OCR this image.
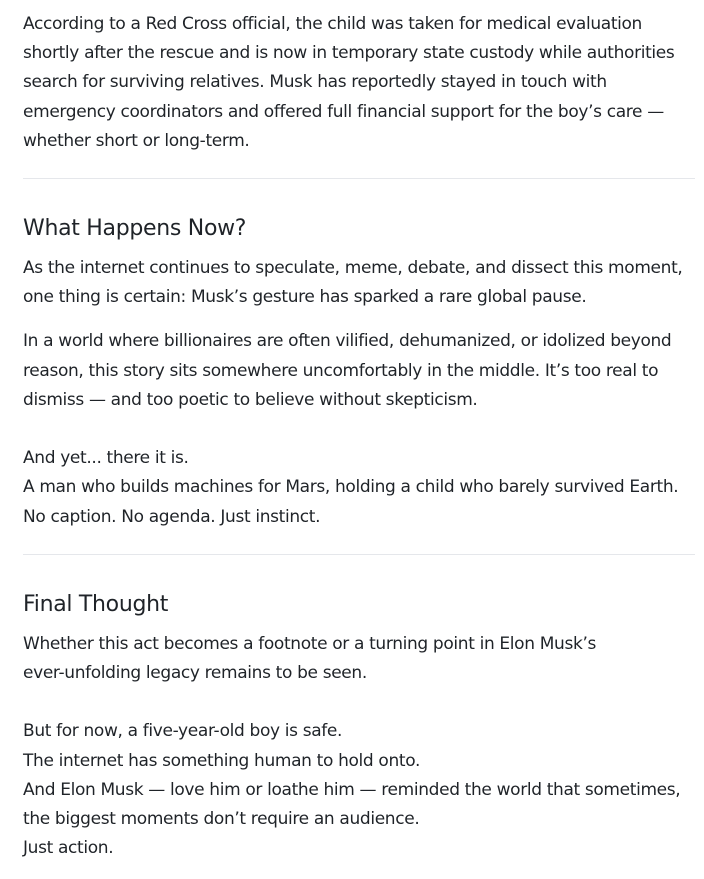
According to a Red Cross official, the child was taken for medical evaluation shortly after the rescue and is now in temporary state custody while authorities search for surviving relatives. Musk has reportedly stayed in touch with emergency coordinators and offered full financial support for the boy’s care — whether short or long-term.

What Happens Now?

As the internet continues to speculate, meme, debate, and dissect this moment, one thing is certain: Musk’s gesture has sparked a rare global pause.

In a world where billionaires are often vilified, dehumanized, or idolized beyond reason, this story sits somewhere uncomfortably in the middle. It’s too real to dismiss — and too poetic to believe without skepticism.

And yet... there it is.
A man who builds machines for Mars, holding a child who barely survived Earth.
No caption. No agenda. Just instinct.

Final Thought

Whether this act becomes a footnote or a turning point in Elon Musk’s
ever-unfolding legacy remains to be seen.

But for now, a five-year-old boy is safe.
The internet has something human to hold onto.
And Elon Musk — love him or loathe him — reminded the world that sometimes,
the biggest moments don’t require an audience.
Just action.
